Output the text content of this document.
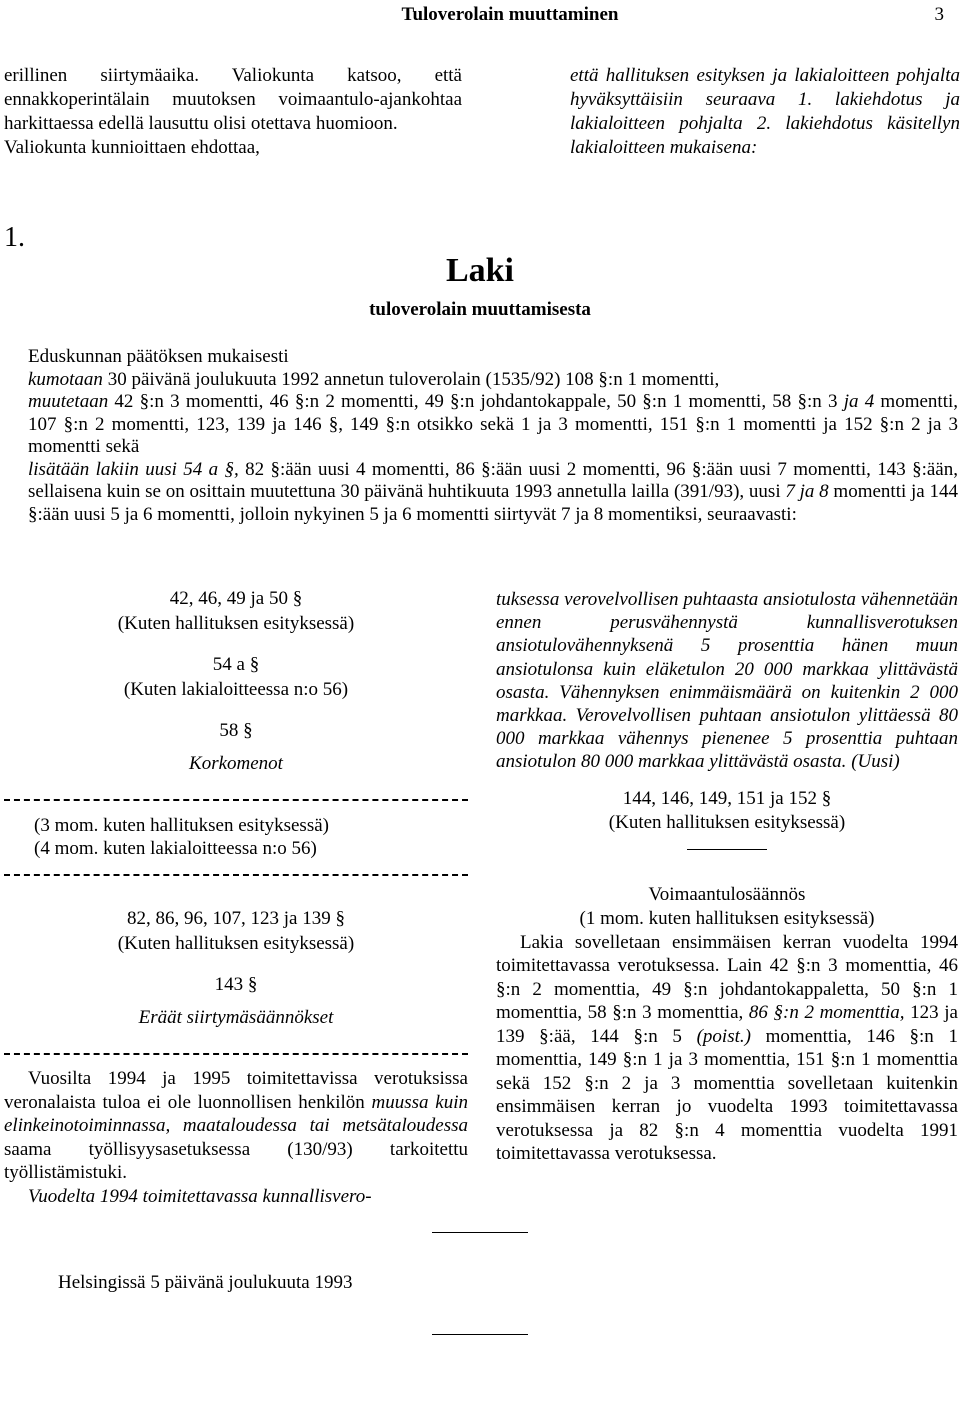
Tuloverolain muuttaminen	3

erillinen siirtymäaika. Valiokunta katsoo, että ennakkoperintälain muutoksen voimaantulo-ajankohtaa harkittaessa edellä lausuttu olisi otettava huomioon.

Valiokunta kunnioittaen ehdottaa,

että hallituksen esityksen ja lakialoitteen pohjalta hyväksyttäisiin seuraava 1. lakiehdotus ja lakialoitteen pohjalta 2. lakiehdotus käsitellyn lakialoitteen mukaisena:

1.
Laki
tuloverolain muuttamisesta

Eduskunnan päätöksen mukaisesti

kumotaan 30 päivänä joulukuuta 1992 annetun tuloverolain (1535/92) 108 §:n 1 momentti,

muutetaan 42 §:n 3 momentti, 46 §:n 2 momentti, 49 §:n johdantokappale, 50 §:n 1 momentti, 58 §:n 3 ja 4 momentti, 107 §:n 2 momentti, 123, 139 ja 146 §, 149 §:n otsikko sekä 1 ja 3 momentti, 151 §:n 1 momentti ja 152 §:n 2 ja 3 momentti sekä

lisätään lakiin uusi 54 a §, 82 §:ään uusi 4 momentti, 86 §:ään uusi 2 momentti, 96 §:ään uusi 7 momentti, 143 §:ään, sellaisena kuin se on osittain muutettuna 30 päivänä huhtikuuta 1993 annetulla lailla (391/93), uusi 7 ja 8 momentti ja 144 §:ään uusi 5 ja 6 momentti, jolloin nykyinen 5 ja 6 momentti siirtyvät 7 ja 8 momentiksi, seuraavasti:

42, 46, 49 ja 50 §
(Kuten hallituksen esityksessä)
54 a §
(Kuten lakialoitteessa n:o 56)
58 §
Korkomenot
(3 mom. kuten hallituksen esityksessä)
(4 mom. kuten lakialoitteessa n:o 56)
82, 86, 96, 107, 123 ja 139 §
(Kuten hallituksen esityksessä)
143 §
Eräät siirtymäsäännökset

Vuosilta 1994 ja 1995 toimitettavissa verotuksissa veronalaista tuloa ei ole luonnollisen henkilön muussa kuin elinkeinotoiminnassa, maataloudessa tai metsätaloudessa saama työllisyysasetuksessa (130/93) tarkoitettu työllistämistuki.

Vuodelta 1994 toimitettavassa kunnallisvero-

tuksessa verovelvollisen puhtaasta ansiotulosta vähennetään ennen perusvähennystä kunnallisverotuksen ansiotulovähennyksenä 5 prosenttia hänen muun ansiotulonsa kuin eläketulon 20 000 markkaa ylittävästä osasta. Vähennyksen enimmäismäärä on kuitenkin 2 000 markkaa. Verovelvollisen puhtaan ansiotulon ylittäessä 80 000 markkaa vähennys pienenee 5 prosenttia puhtaan ansiotulon 80 000 markkaa ylittävästä osasta. (Uusi)

144, 146, 149, 151 ja 152 §
(Kuten hallituksen esityksessä)
Voimaantulosäännös
(1 mom. kuten hallituksen esityksessä)

Lakia sovelletaan ensimmäisen kerran vuodelta 1994 toimitettavassa verotuksessa. Lain 42 §:n 3 momenttia, 46 §:n 2 momenttia, 49 §:n johdantokappaletta, 50 §:n 1 momenttia, 58 §:n 3 momenttia, 86 §:n 2 momenttia, 123 ja 139 §:ää, 144 §:n 5 (poist.) momenttia, 146 §:n 1 momenttia, 149 §:n 1 ja 3 momenttia, 151 §:n 1 momenttia sekä 152 §:n 2 ja 3 momenttia sovelletaan kuitenkin ensimmäisen kerran jo vuodelta 1993 toimitettavassa verotuksessa ja 82 §:n 4 momenttia vuodelta 1991 toimitettavassa verotuksessa.

Helsingissä 5 päivänä joulukuuta 1993
